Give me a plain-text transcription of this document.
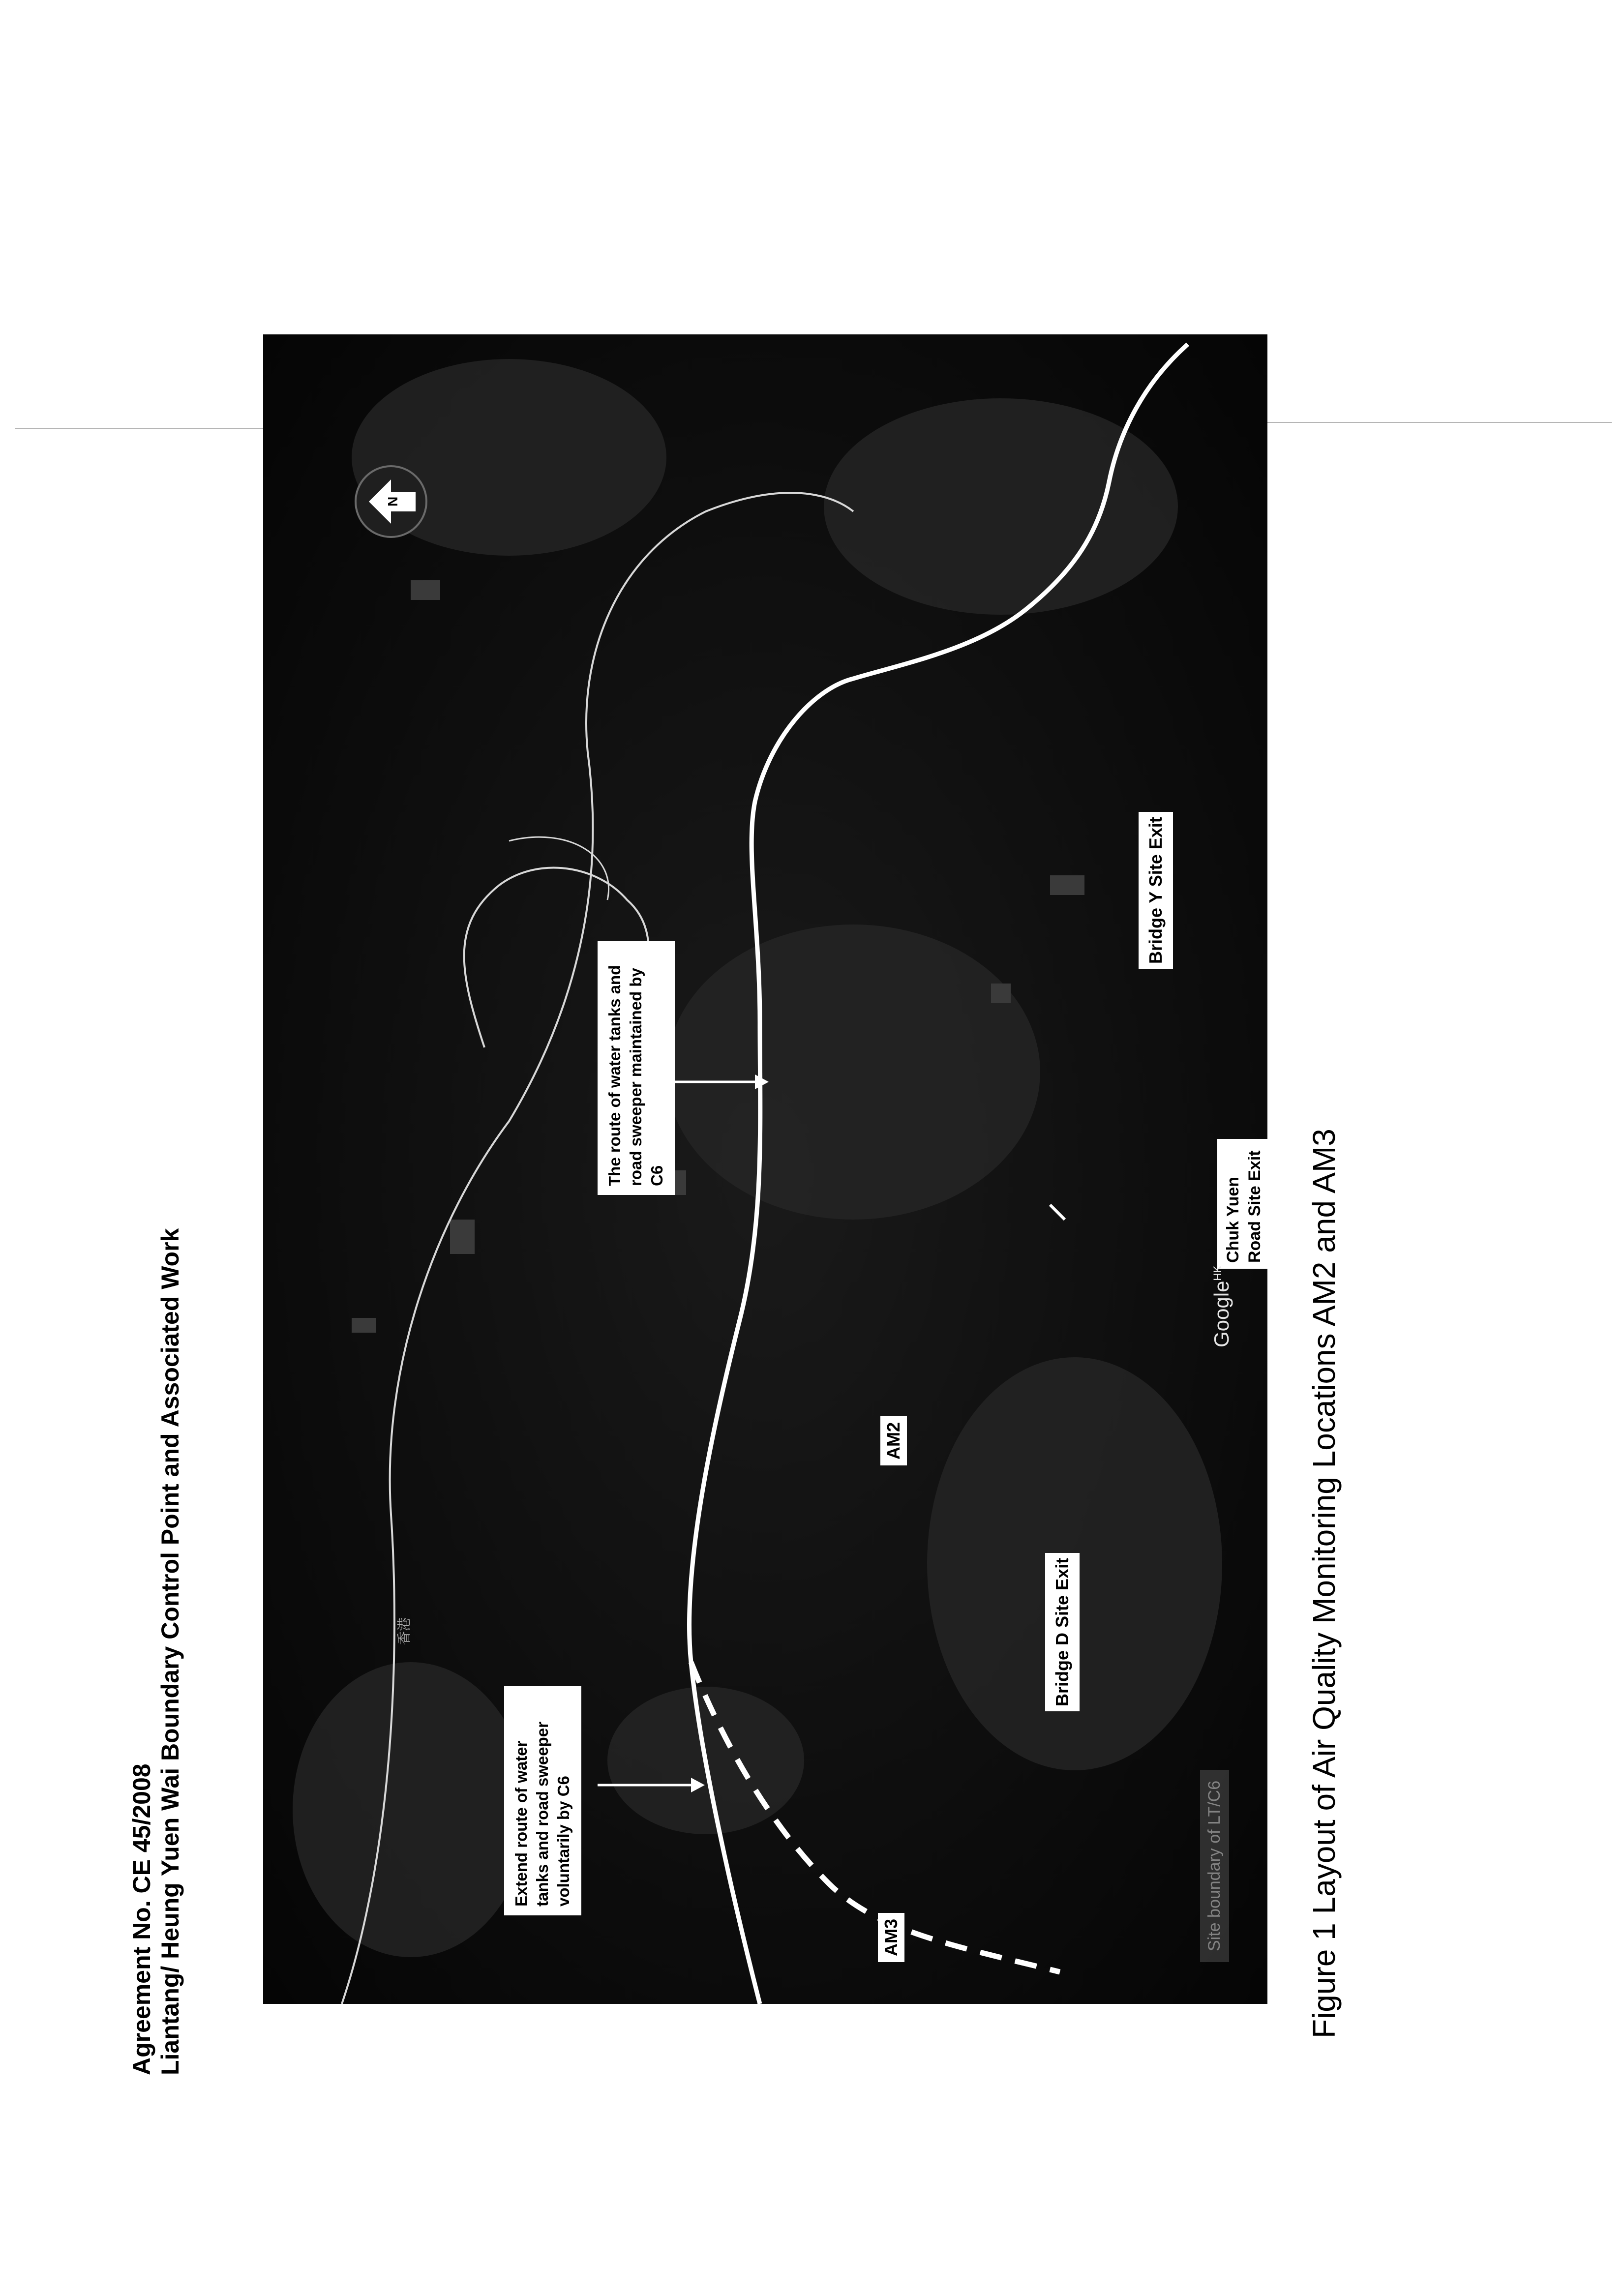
Agreement No. CE 45/2008 Liantang/ Heung Yuen Wai Boundary Control Point and Associated Work
N
The route of water tanks and road sweeper maintained by C6
Extend route of water tanks and road sweeper voluntarily by C6
Bridge Y Site Exit
Chuk Yuen Road Site Exit
Bridge D Site Exit
AM2
AM3	Site boundary of LT/C6
香港
Google$^{HK}$	Figure 1 Layout of Air Quality Monitoring Locations AM2 and AM3
